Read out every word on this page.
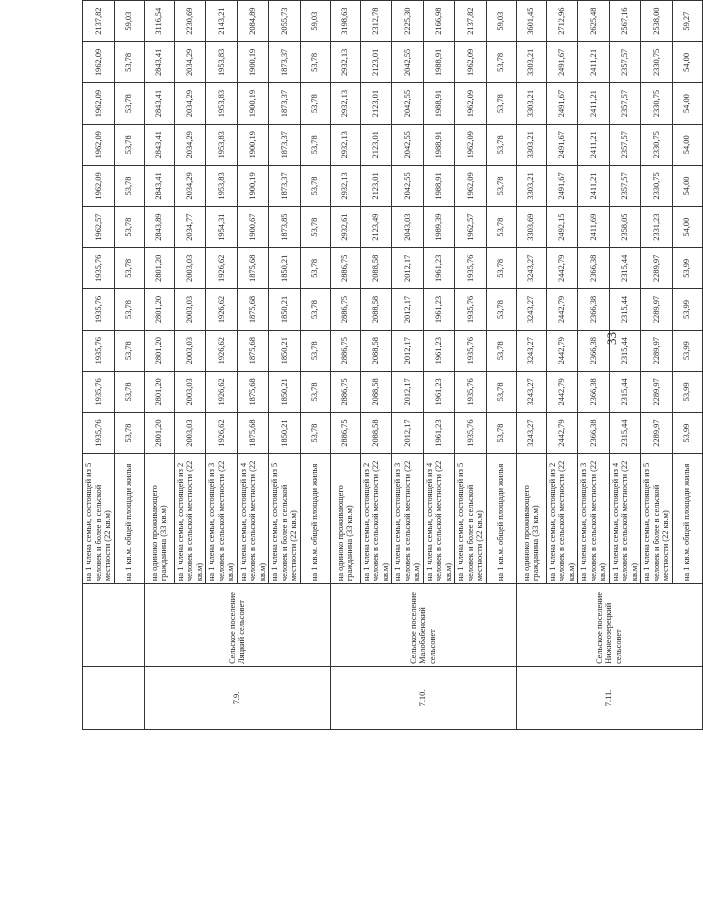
		на 1 члена семьи, состоящей из 5 человек и более в сельской местности (22 кв.м)	1935,76	1935,76	1935,76	1935,76	1935,76	1962,57	1962,09	1962,09	1962,09	1962,09	2137,82
		на 1 кв.м. общей площади жилья	53,78	53,78	53,78	53,78	53,78	53,78	53,78	53,78	53,78	53,78	59,03
7.9.	Сельское поселение Ляцкий сельсовет	на одиноко проживающего гражданина (33 кв.м)	2801,20	2801,20	2801,20	2801,20	2801,20	2843,89	2843,41	2843,41	2843,41	2843,41	3116,54
		на 1 члена семьи, состоящей из 2 человек в сельской местности (22 кв.м)	2003,03	2003,03	2003,03	2003,03	2003,03	2034,77	2034,29	2034,29	2034,29	2034,29	2230,69
		на 1 члена семьи, состоящей из 3 человек в сельской местности (22 кв.м)	1926,62	1926,62	1926,62	1926,62	1926,62	1954,31	1953,83	1953,83	1953,83	1953,83	2143,21
		на 1 члена семьи, состоящей из 4 человек в сельской местности (22 кв.м)	1875,68	1875,68	1875,68	1875,68	1875,68	1900,67	1900,19	1900,19	1900,19	1900,19	2084,89
		на 1 члена семьи, состоящей из 5 человек и более в сельской местности (22 кв.м)	1850,21	1850,21	1850,21	1850,21	1850,21	1873,85	1873,37	1873,37	1873,37	1873,37	2055,73
		на 1 кв.м. общей площади жилья	53,78	53,78	53,78	53,78	53,78	53,78	53,78	53,78	53,78	53,78	59,03
7.10.	Сельское поселение Малобабенский сельсовет	на одиноко проживающего гражданина (33 кв.м)	2886,75	2886,75	2886,75	2886,75	2886,75	2932,61	2932,13	2932,13	2932,13	2932,13	3198,63
		на 1 члена семьи, состоящей из 2 человек в сельской местности (22 кв.м)	2088,58	2088,58	2088,58	2088,58	2088,58	2123,49	2123,01	2123,01	2123,01	2123,01	2312,78
		на 1 члена семьи, состоящей из 3 человек в сельской местности (22 кв.м)	2012,17	2012,17	2012,17	2012,17	2012,17	2043,03	2042,55	2042,55	2042,55	2042,55	2225,30
		на 1 члена семьи, состоящей из 4 человек в сельской местности (22 кв.м)	1961,23	1961,23	1961,23	1961,23	1961,23	1989,39	1988,91	1988,91	1988,91	1988,91	2166,98
		на 1 члена семьи, состоящей из 5 человек и более в сельской местности (22 кв.м)	1935,76	1935,76	1935,76	1935,76	1935,76	1962,57	1962,09	1962,09	1962,09	1962,09	2137,82
		на 1 кв.м. общей площади жилья	53,78	53,78	53,78	53,78	53,78	53,78	53,78	53,78	53,78	53,78	59,03
7.11.	Сельское поселение Нижнеозерецкий сельсовет	на одиноко проживающего гражданина (33 кв.м)	3243,27	3243,27	3243,27	3243,27	3243,27	3303,69	3303,21	3303,21	3303,21	3303,21	3601,45
		на 1 члена семьи, состоящей из 2 человек в сельской местности (22 кв.м)	2442,79	2442,79	2442,79	2442,79	2442,79	2492,15	2491,67	2491,67	2491,67	2491,67	2712,96
		на 1 члена семьи, состоящей из 3 человек в сельской местности (22 кв.м)	2366,38	2366,38	2366,38	2366,38	2366,38	2411,69	2411,21	2411,21	2411,21	2411,21	2625,48
		на 1 члена семьи, состоящей из 4 человек в сельской местности (22 кв.м)	2315,44	2315,44	2315,44	2315,44	2315,44	2358,05	2357,57	2357,57	2357,57	2357,57	2567,16
		на 1 члена семьи, состоящей из 5 человек и более в сельской местности (22 кв.м)	2289,97	2289,97	2289,97	2289,97	2289,97	2331,23	2330,75	2330,75	2330,75	2330,75	2538,00
		на 1 кв.м. общей площади жилья	53,99	53,99	53,99	53,99	53,99	54,00	54,00	54,00	54,00	54,00	59,27
33
